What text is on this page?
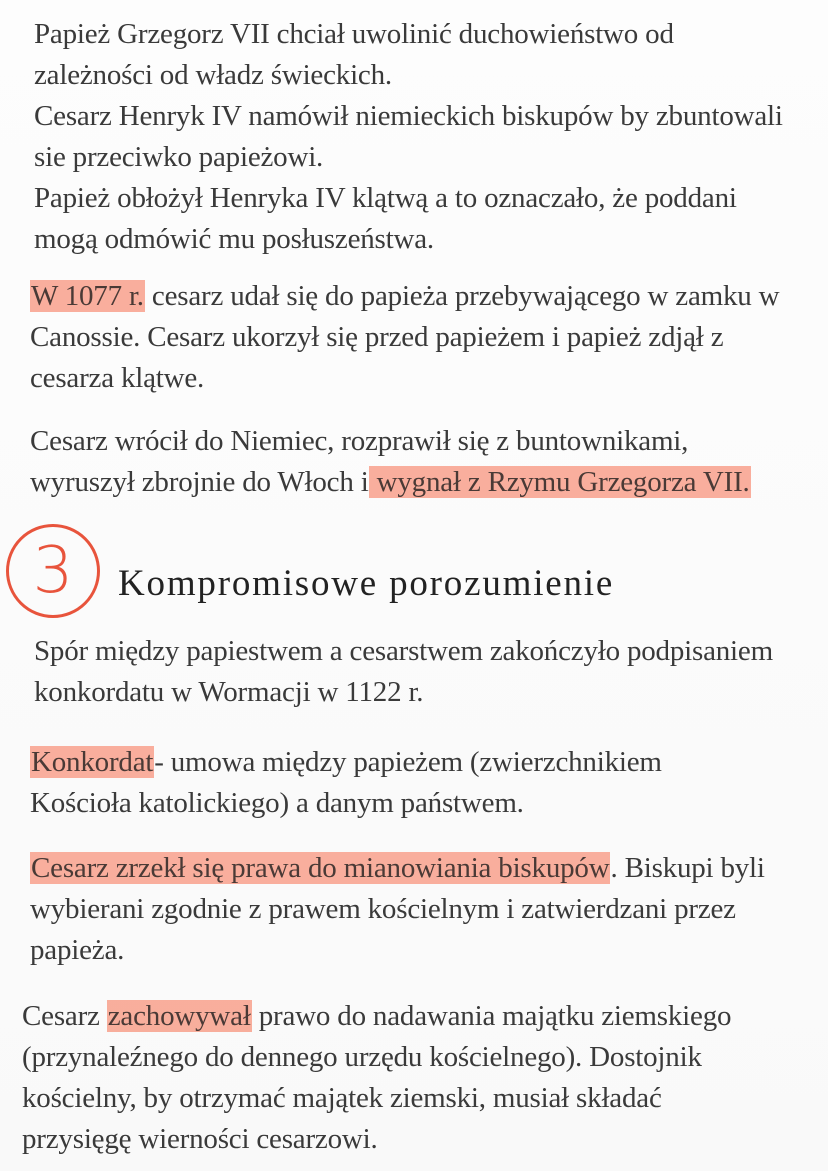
Papież Grzegorz VII chciał uwolinić duchowieństwo od
zależności od władz świeckich.
Cesarz Henryk IV namówił niemieckich biskupów by zbuntowali
sie przeciwko papieżowi.
Papież obłożył Henryka IV klątwą a to oznaczało, że poddani
mogą odmówić mu posłuszeństwa.

W 1077 r. cesarz udał się do papieża przebywającego w zamku w
Canossie. Cesarz ukorzył się przed papieżem i papież zdjął z
cesarza klątwe.

Cesarz wrócił do Niemiec, rozprawił się z buntownikami,
wyruszył zbrojnie do Włoch i wygnał z Rzymu Grzegorza VII.

3	Kompromisowe porozumienie

Spór między papiestwem a cesarstwem zakończyło podpisaniem
konkordatu w Wormacji w 1122 r.

Konkordat- umowa między papieżem (zwierzchnikiem
Kościoła katolickiego) a danym państwem.

Cesarz zrzekł się prawa do mianowiania biskupów. Biskupi byli
wybierani zgodnie z prawem kościelnym i zatwierdzani przez
papieża.

Cesarz zachowywał prawo do nadawania majątku ziemskiego
(przynaleźnego do dennego urzędu kościelnego). Dostojnik
kościelny, by otrzymać majątek ziemski, musiał składać
przysięgę wierności cesarzowi.
